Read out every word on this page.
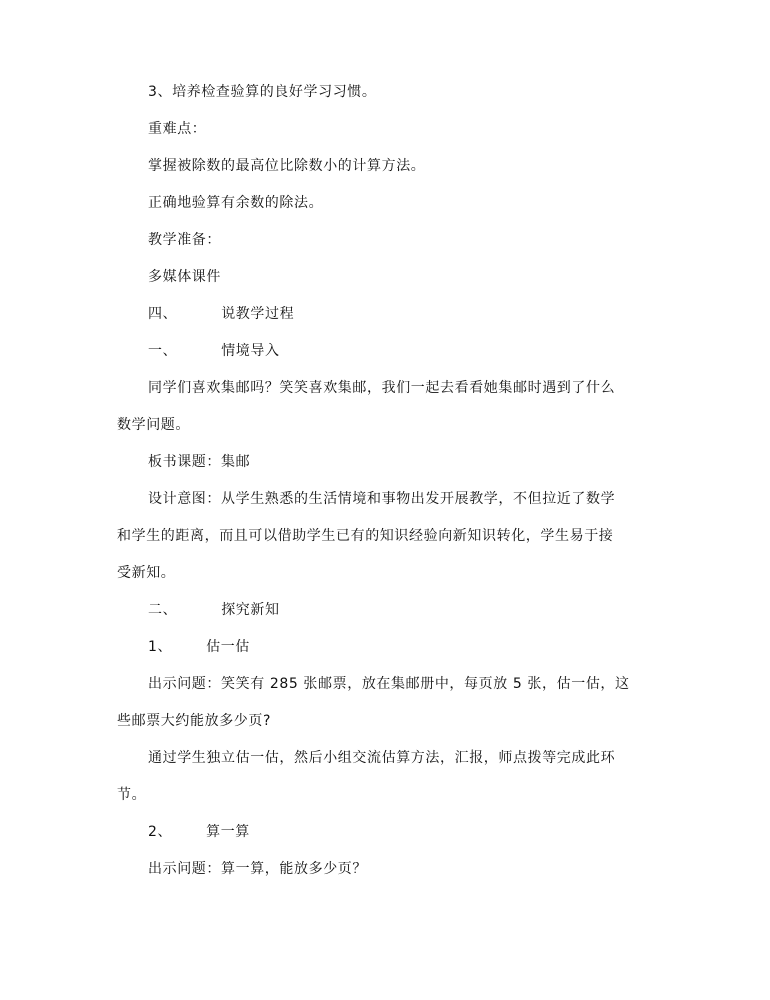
3、培养检查验算的良好学习习惯。
重难点：
掌握被除数的最高位比除数小的计算方法。
正确地验算有余数的除法。
教学准备：
多媒体课件
四、	说教学过程
一、	情境导入
同学们喜欢集邮吗？笑笑喜欢集邮，我们一起去看看她集邮时遇到了什么
数学问题。
板书课题：集邮
设计意图：从学生熟悉的生活情境和事物出发开展教学，不但拉近了数学
和学生的距离，而且可以借助学生已有的知识经验向新知识转化，学生易于接
受新知。
二、	探究新知
1、 估一估
出示问题：笑笑有 285 张邮票，放在集邮册中，每页放 5 张，估一估，这
些邮票大约能放多少页?
通过学生独立估一估，然后小组交流估算方法，汇报，师点拨等完成此环
节。
2、 算一算
出示问题：算一算，能放多少页？
